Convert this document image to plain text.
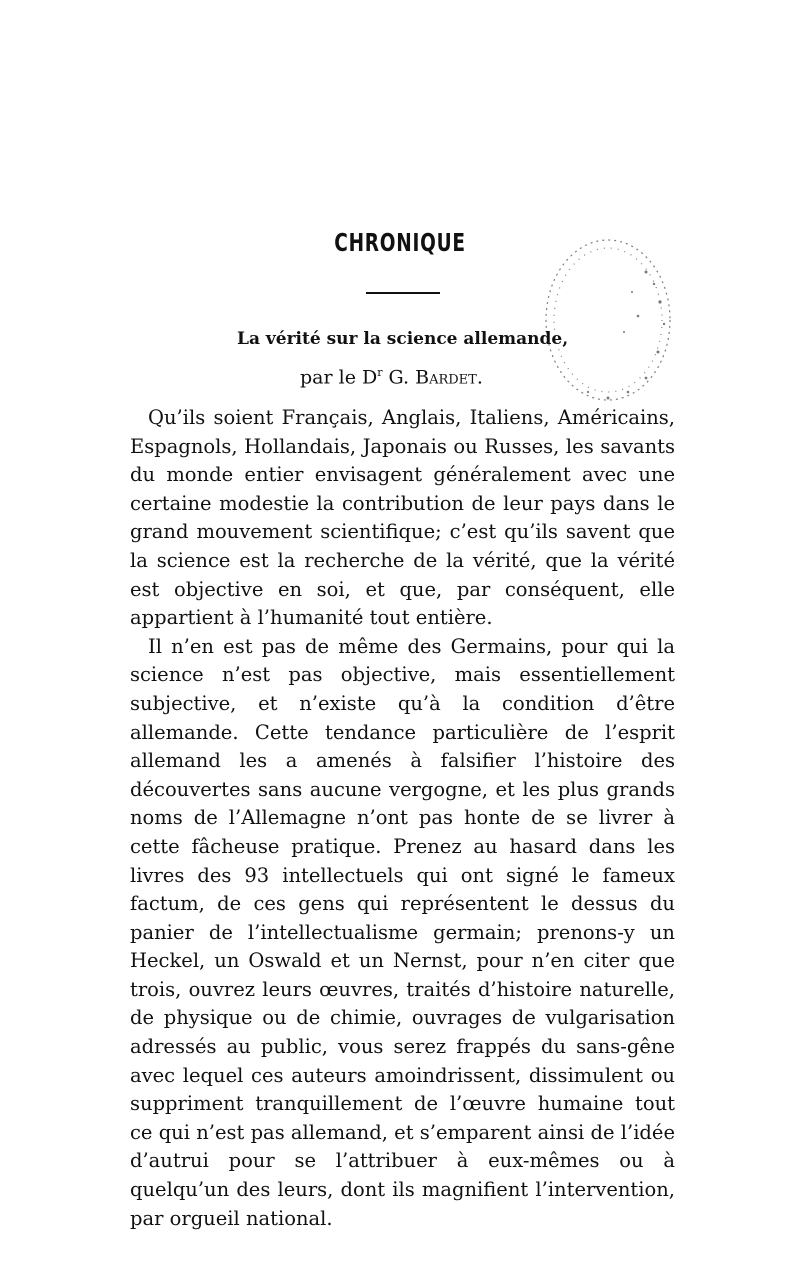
CHRONIQUE
La vérité sur la science allemande,
par le $D^r$ G. Bardet.

Qu’ils soient Français, Anglais, Italiens, Américains, Espagnols, Hollandais, Japonais ou Russes, les savants du monde entier envisagent généralement avec une certaine modestie la contribution de leur pays dans le grand mouvement scientifique; c’est qu’ils savent que la science est la recherche de la vérité, que la vérité est objective en soi, et que, par conséquent, elle appartient à l’humanité tout entière.

Il n’en est pas de même des Germains, pour qui la science n’est pas objective, mais essentiellement subjective, et n’existe qu’à la condition d’être allemande. Cette tendance particulière de l’esprit allemand les a amenés à falsifier l’histoire des découvertes sans aucune vergogne, et les plus grands noms de l’Allemagne n’ont pas honte de se livrer à cette fâcheuse pratique. Prenez au hasard dans les livres des 93 intellectuels qui ont signé le fameux factum, de ces gens qui représentent le dessus du panier de l’intellectualisme germain; prenons-y un Heckel, un Oswald et un Nernst, pour n’en citer que trois, ouvrez leurs œuvres, traités d’histoire naturelle, de physique ou de chimie, ouvrages de vulgarisation adressés au public, vous serez frappés du sans-gêne avec lequel ces auteurs amoindrissent, dissimulent ou suppriment tranquillement de l’œuvre humaine tout ce qui n’est pas allemand, et s’emparent ainsi de l’idée d’autrui pour se l’attribuer à eux-mêmes ou à quelqu’un des leurs, dont ils magnifient l’intervention, par orgueil national.
